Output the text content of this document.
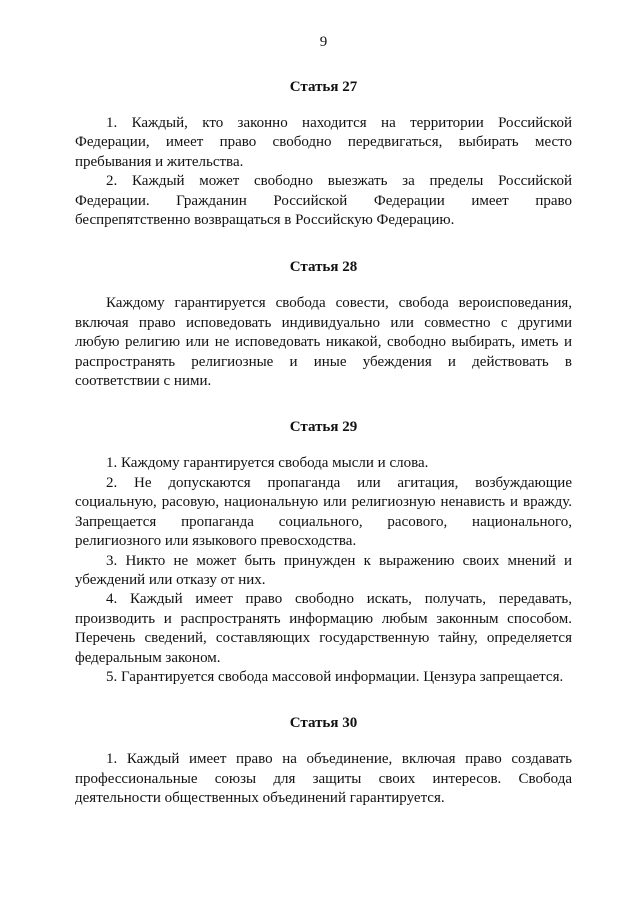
9

Статья 27

1. Каждый, кто законно находится на территории Российской Федерации, имеет право свободно передвигаться, выбирать место пребывания и жительства.

2. Каждый может свободно выезжать за пределы Российской Федерации. Гражданин Российской Федерации имеет право беспрепятственно возвращаться в Российскую Федерацию.

Статья 28

Каждому гарантируется свобода совести, свобода вероисповедания, включая право исповедовать индивидуально или совместно с другими любую религию или не исповедовать никакой, свободно выбирать, иметь и распространять религиозные и иные убеждения и действовать в соответствии с ними.

Статья 29

1. Каждому гарантируется свобода мысли и слова.

2. Не допускаются пропаганда или агитация, возбуждающие социальную, расовую, национальную или религиозную ненависть и вражду. Запрещается пропаганда социального, расового, национального, религиозного или языкового превосходства.

3. Никто не может быть принужден к выражению своих мнений и убеждений или отказу от них.

4. Каждый имеет право свободно искать, получать, передавать, производить и распространять информацию любым законным способом. Перечень сведений, составляющих государственную тайну, определяется федеральным законом.

5. Гарантируется свобода массовой информации. Цензура запрещается.

Статья 30

1. Каждый имеет право на объединение, включая право создавать профессиональные союзы для защиты своих интересов. Свобода деятельности общественных объединений гарантируется.
